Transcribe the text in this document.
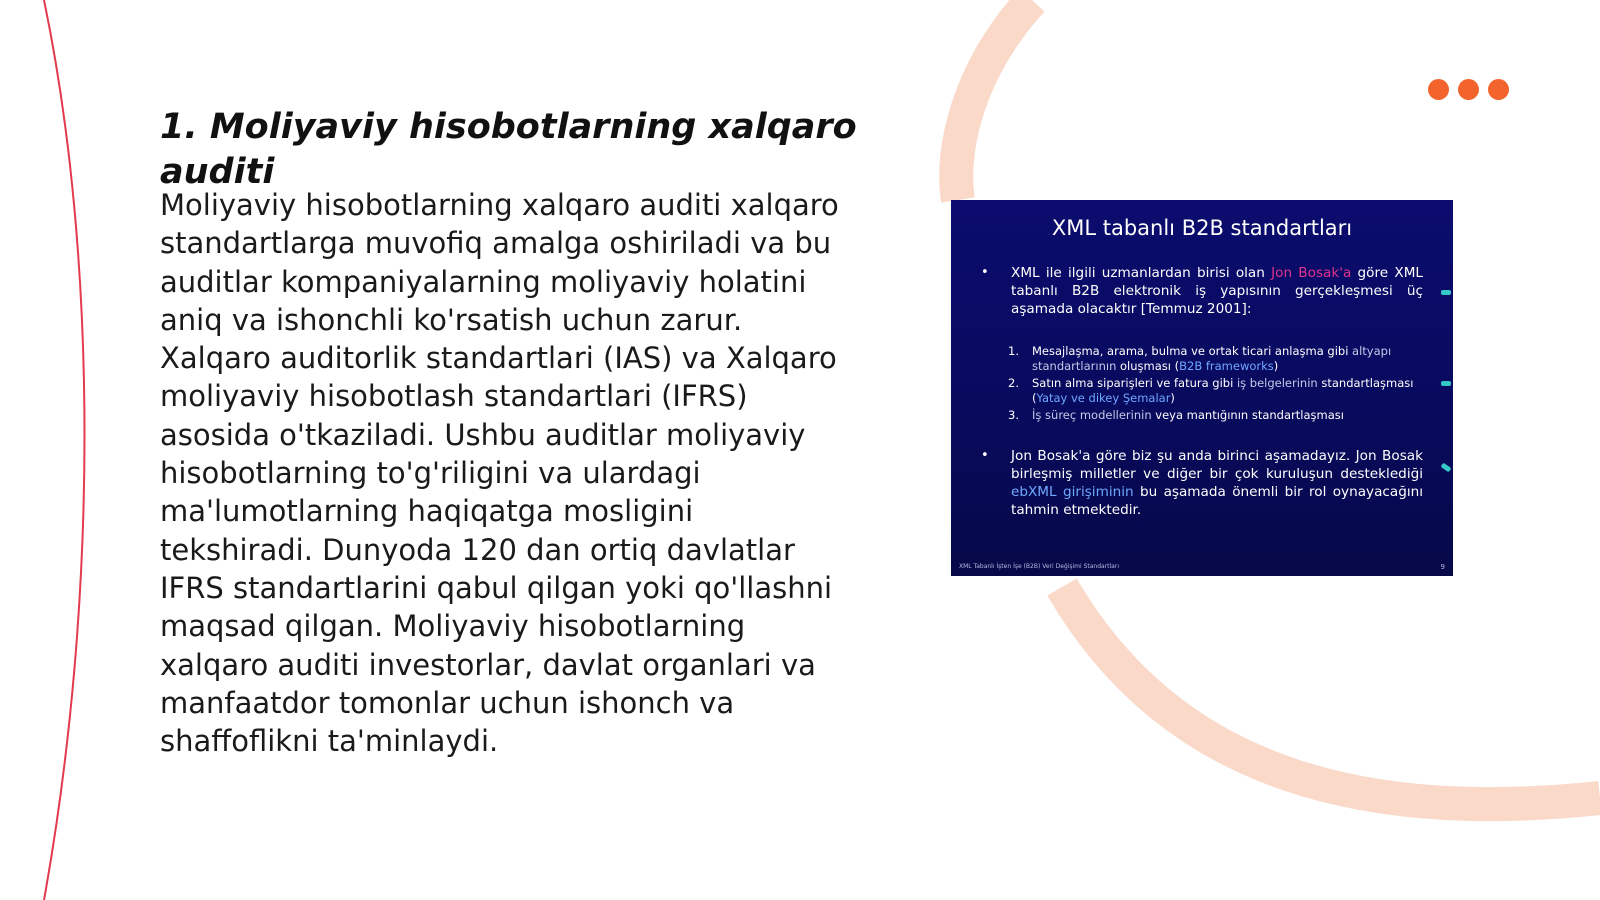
1. Moliyaviy hisobotlarning xalqaro auditi

Moliyaviy hisobotlarning xalqaro auditi xalqaro standartlarga muvofiq amalga oshiriladi va bu auditlar kompaniyalarning moliyaviy holatini aniq va ishonchli ko'rsatish uchun zarur. Xalqaro auditorlik standartlari (IAS) va Xalqaro moliyaviy hisobotlash standartlari (IFRS) asosida o'tkaziladi. Ushbu auditlar moliyaviy hisobotlarning to'g'riligini va ulardagi ma'lumotlarning haqiqatga mosligini tekshiradi. Dunyoda 120 dan ortiq davlatlar IFRS standartlarini qabul qilgan yoki qo'llashni maqsad qilgan. Moliyaviy hisobotlarning xalqaro auditi investorlar, davlat organlari va manfaatdor tomonlar uchun ishonch va shaffoflikni ta'minlaydi.

XML tabanlı B2B standartları
• XML ile ilgili uzmanlardan birisi olan Jon Bosak'a göre XML tabanlı B2B elektronik iş yapısının gerçekleşmesi üç aşamada olacaktır [Temmuz 2001]:
1. Mesajlaşma, arama, bulma ve ortak ticari anlaşma gibi altyapı standartlarının oluşması (B2B frameworks)
2. Satın alma siparişleri ve fatura gibi iş belgelerinin standartlaşması (Yatay ve dikey Şemalar)
3. İş süreç modellerinin veya mantığının standartlaşması
• Jon Bosak'a göre biz şu anda birinci aşamadayız. Jon Bosak birleşmiş milletler ve diğer bir çok kuruluşun desteklediği ebXML girişiminin bu aşamada önemli bir rol oynayacağını tahmin etmektedir.
XML Tabanlı İşten İşe (B2B) Veri Değişimi Standartları	9
